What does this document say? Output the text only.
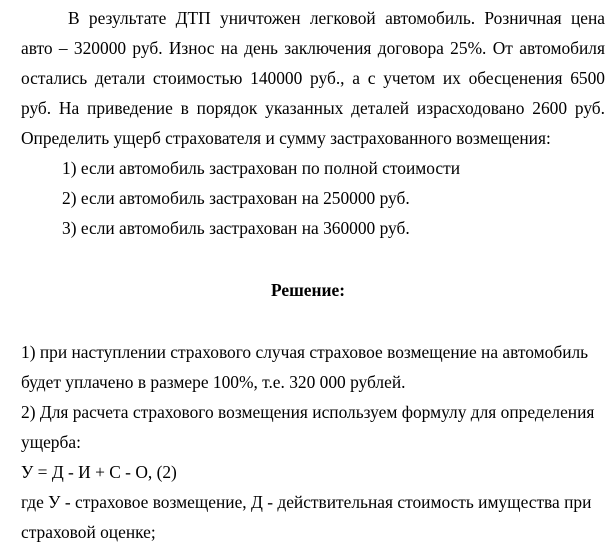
В результате ДТП уничтожен легковой автомобиль. Розничная цена авто – 320000 руб. Износ на день заключения договора 25%. От автомобиля остались детали стоимостью 140000 руб., а с учетом их обесценения 6500 руб. На приведение в порядок указанных деталей израсходовано 2600 руб. Определить ущерб страхователя и сумму застрахованного возмещения:

1) если автомобиль застрахован по полной стоимости
2) если автомобиль застрахован на 250000 руб.
3) если автомобиль застрахован на 360000 руб.

Решение:

1) при наступлении страхового случая страховое возмещение на автомобиль будет уплачено в размере 100%, т.е. 320 000 рублей.

2) Для расчета страхового возмещения используем формулу для определения ущерба:

У = Д - И + С - О, (2)

где У - страховое возмещение, Д - действительная стоимость имущества при страховой оценке;
